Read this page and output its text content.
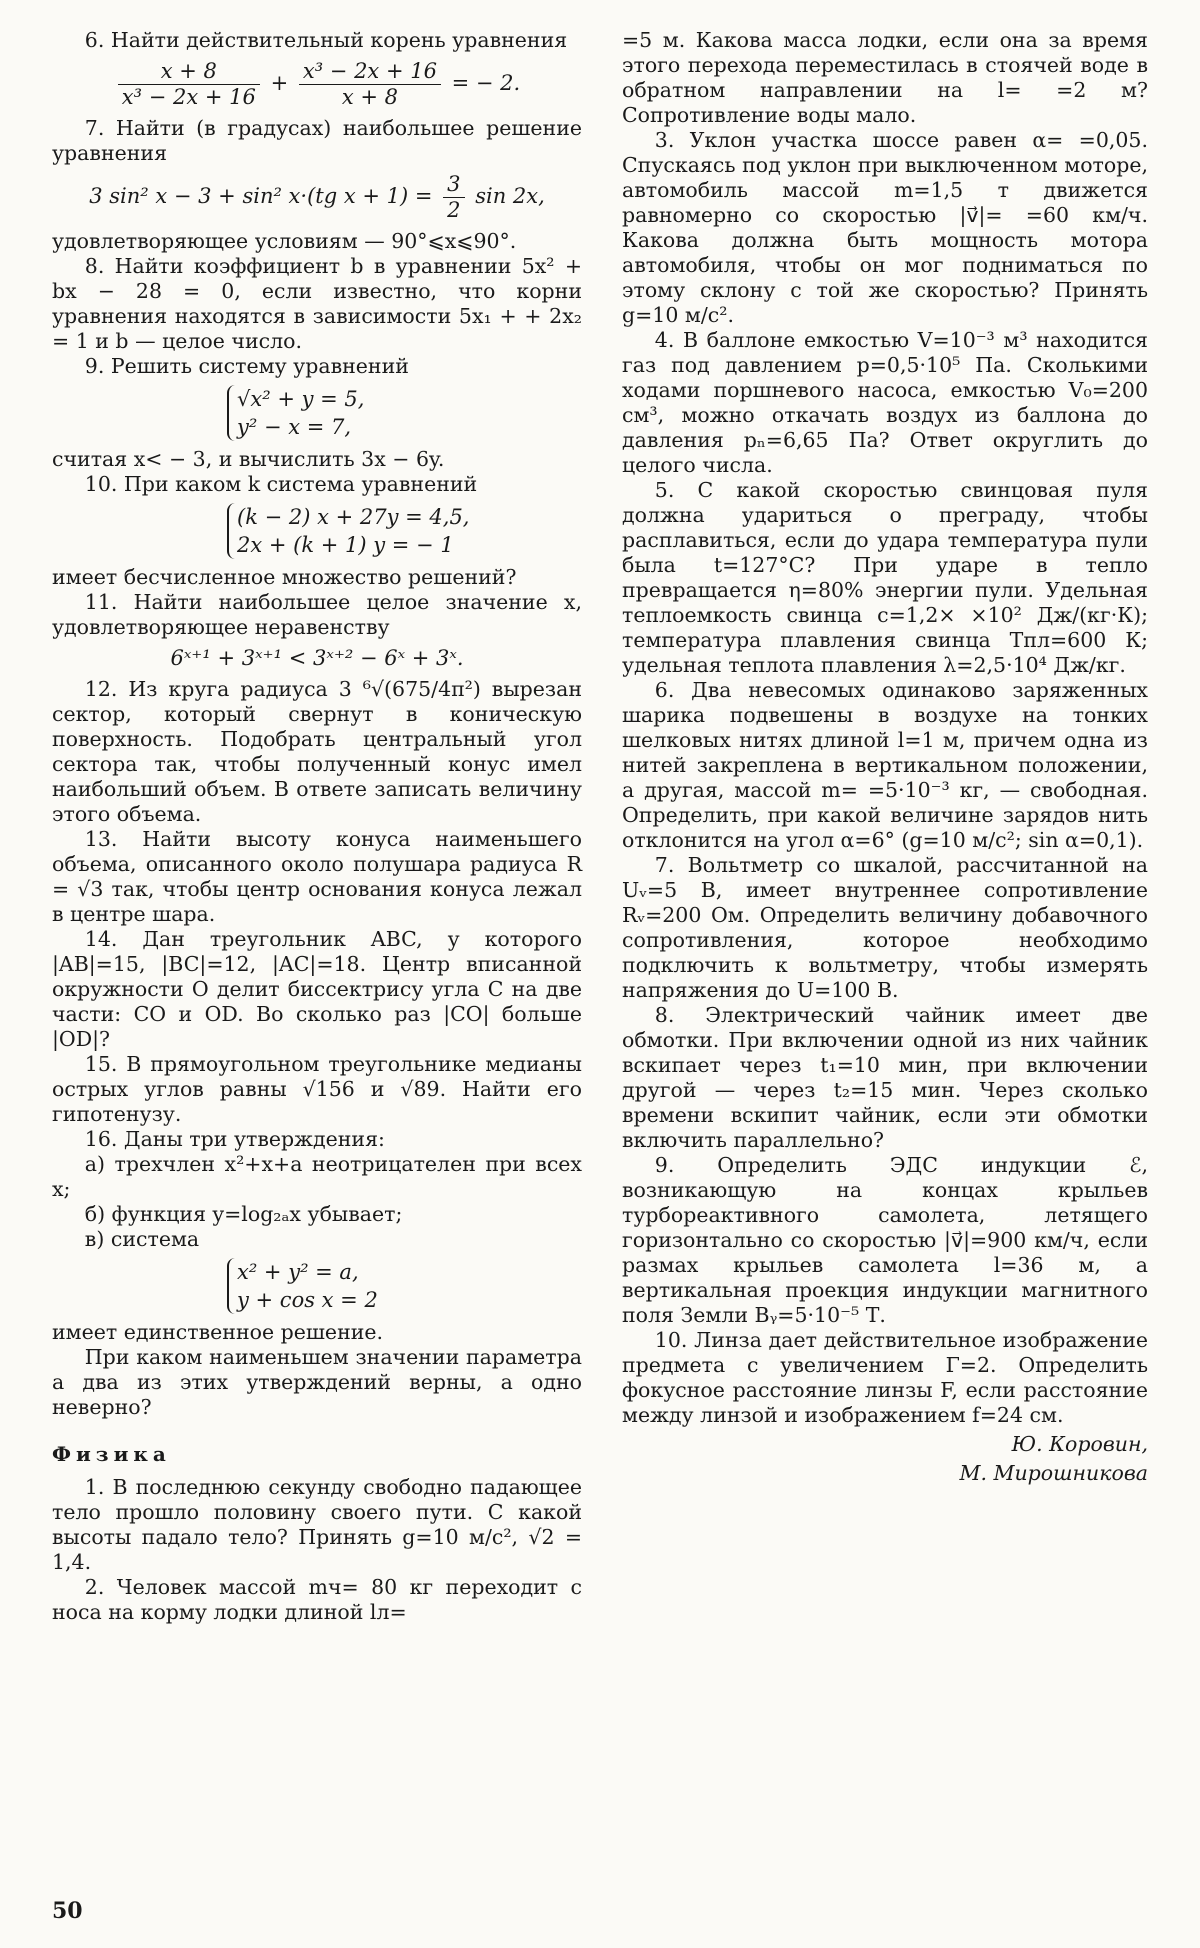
6. Найти действительный корень уравнения

$\frac{x + 8}{\text{x³ − 2x + 16}} + \frac{\text{x³ − 2x + 16}}{x + 8}$ = − 2.

7. Найти (в градусах) наибольшее решение уравнения

3 sin² x − 3 + sin² x·(tg $x + 1) = \frac{3}{2}$ sin 2x,

удовлетворяющее условиям — 90°⩽x⩽90°.

8. Найти коэффициент b в уравнении 5x² + bx − 28 = 0, если известно, что корни уравнения находятся в зависимости 5x₁ + + 2x₂ = 1 и b — целое число.

9. Решить систему уравнений

√x² + y = 5,
y² − x = 7,

считая x< − 3, и вычислить 3x − 6y.

10. При каком k система уравнений

(k − 2) x + 27y = 4,5,
2x + (k + 1) y = − 1

имеет бесчисленное множество решений?

11. Найти наибольшее целое значение x, удовлетворяющее неравенству

6ˣ⁺¹ + 3ˣ⁺¹ < 3ˣ⁺² − 6ˣ + 3ˣ.

12. Из круга радиуса 3 ⁶√(675/4π²) вырезан сектор, который свернут в коническую поверхность. Подобрать центральный угол сектора так, чтобы полученный конус имел наибольший объем. В ответе записать величину этого объема.

13. Найти высоту конуса наименьшего объема, описанного около полушара радиуса R = √3 так, чтобы центр основания конуса лежал в центре шара.

14. Дан треугольник ABC, у которого |AB|=15, |BC|=12, |AC|=18. Центр вписанной окружности O делит биссектрису угла C на две части: CO и OD. Во сколько раз |CO| больше |OD|?

15. В прямоугольном треугольнике медианы острых углов равны √156 и √89. Найти его гипотенузу.

16. Даны три утверждения:

а) трехчлен x²+x+a неотрицателен при всех x;

б) функция y=log₂ₐx убывает;

в) система

x² + y² = a,
y + cos x = 2

имеет единственное решение.

При каком наименьшем значении параметра a два из этих утверждений верны, а одно неверно?

Физика

1. В последнюю секунду свободно падающее тело прошло половину своего пути. С какой высоты падало тело? Принять g=10 м/с², √2 = 1,4.

2. Человек массой mч= 80 кг переходит с носа на корму лодки длиной lл=

=5 м. Какова масса лодки, если она за время этого перехода переместилась в стоячей воде в обратном направлении на l= =2 м? Сопротивление воды мало.

3. Уклон участка шоссе равен α= =0,05. Спускаясь под уклон при выключенном моторе, автомобиль массой m=1,5 т движется равномерно со скоростью |v⃗|= =60 км/ч. Какова должна быть мощность мотора автомобиля, чтобы он мог подниматься по этому склону с той же скоростью? Принять g=10 м/с².

4. В баллоне емкостью V=10⁻³ м³ находится газ под давлением p=0,5·10⁵ Па. Сколькими ходами поршневого насоса, емкостью V₀=200 см³, можно откачать воздух из баллона до давления pₙ=6,65 Па? Ответ округлить до целого числа.

5. С какой скоростью свинцовая пуля должна удариться о преграду, чтобы расплавиться, если до удара температура пули была t=127°С? При ударе в тепло превращается η=80% энергии пули. Удельная теплоемкость свинца c=1,2× ×10² Дж/(кг·К); температура плавления свинца Tпл=600 К; удельная теплота плавления λ=2,5·10⁴ Дж/кг.

6. Два невесомых одинаково заряженных шарика подвешены в воздухе на тонких шелковых нитях длиной l=1 м, причем одна из нитей закреплена в вертикальном положении, а другая, массой m= =5·10⁻³ кг, — свободная. Определить, при какой величине зарядов нить отклонится на угол α=6° (g=10 м/с²; sin α=0,1).

7. Вольтметр со шкалой, рассчитанной на Uᵥ=5 В, имеет внутреннее сопротивление Rᵥ=200 Ом. Определить величину добавочного сопротивления, которое необходимо подключить к вольтметру, чтобы измерять напряжения до U=100 В.

8. Электрический чайник имеет две обмотки. При включении одной из них чайник вскипает через t₁=10 мин, при включении другой — через t₂=15 мин. Через сколько времени вскипит чайник, если эти обмотки включить параллельно?

9. Определить ЭДС индукции ℰ, возникающую на концах крыльев турбореактивного самолета, летящего горизонтально со скоростью |v⃗|=900 км/ч, если размах крыльев самолета l=36 м, а вертикальная проекция индукции магнитного поля Земли Bᵧ=5·10⁻⁵ Т.

10. Линза дает действительное изображение предмета с увеличением Γ=2. Определить фокусное расстояние линзы F, если расстояние между линзой и изображением f=24 см.

Ю. Коровин,

М. Мирошникова

50
